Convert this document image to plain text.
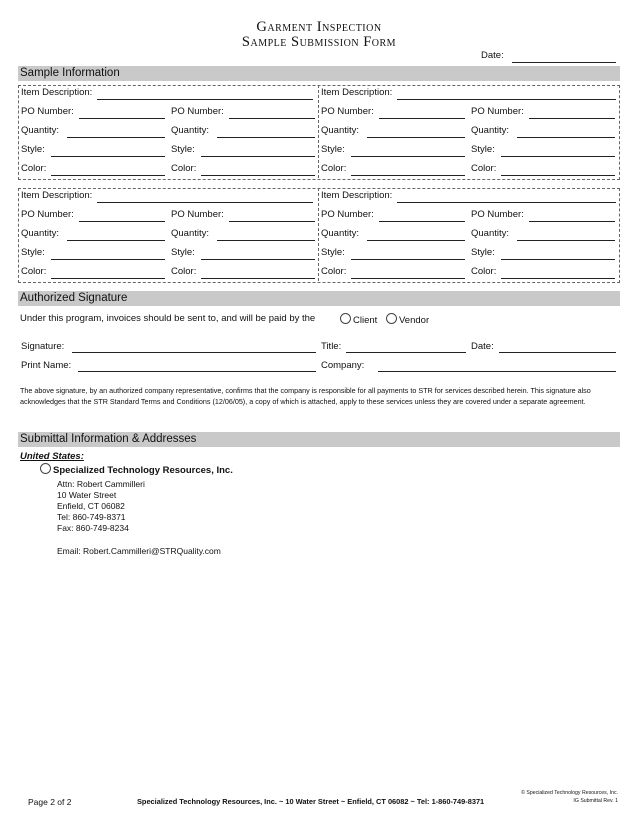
Garment Inspection
Sample Submission Form
Date:
Sample Information
Item Description:
PO Number:	PO Number:
Quantity:	Quantity:
Style:	Style:
Color:	Color:
Item Description:
PO Number:	PO Number:
Quantity:	Quantity:
Style:	Style:
Color:	Color:
Item Description:
PO Number:	PO Number:
Quantity:	Quantity:
Style:	Style:
Color:	Color:
Item Description:
PO Number:	PO Number:
Quantity:	Quantity:
Style:	Style:
Color:	Color:
Authorized Signature
Under this program, invoices should be sent to, and will be paid by the	Client	Vendor
Signature:	Title:	Date:
Print Name:	Company:
The above signature, by an authorized company representative, confirms that the company is responsible for all payments to STR for services described herein. This signature also acknowledges that the STR Standard Terms and Conditions (12/06/05), a copy of which is attached, apply to these services unless they are covered under a separate agreement.
Submittal Information & Addresses
United States:
Specialized Technology Resources, Inc.
Attn: Robert Cammilleri
10 Water Street
Enfield, CT 06082
Tel: 860-749-8371
Fax: 860-749-8234
Email: Robert.Cammilleri@STRQuality.com
Page 2 of 2	Specialized Technology Resources, Inc. ~ 10 Water Street ~ Enfield, CT 06082 ~ Tel: 1-860-749-8371
© Specialized Technology Resources, Inc.
IG Submittal Rev. 1
